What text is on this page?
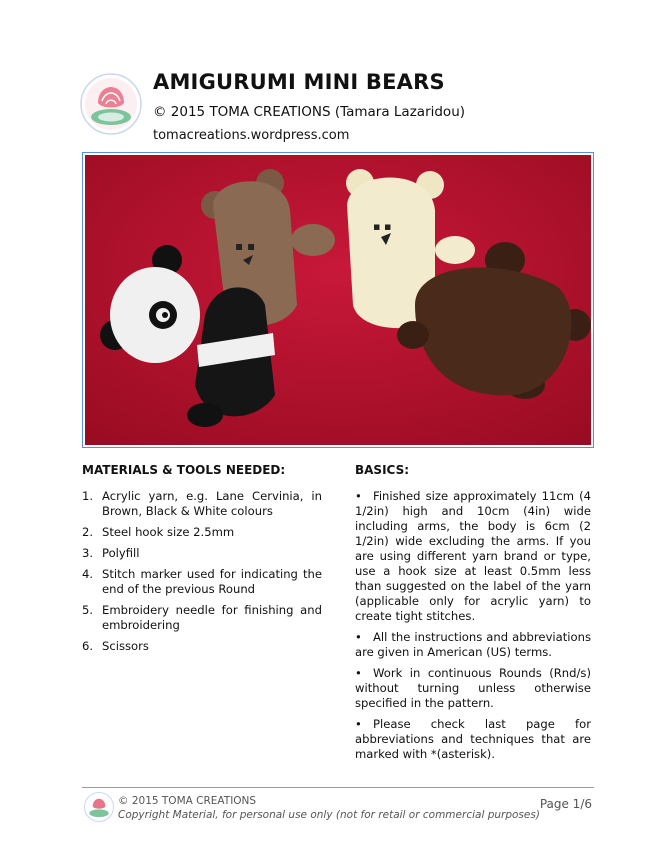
AMIGURUMI MINI BEARS
© 2015 TOMA CREATIONS (Tamara Lazaridou)
tomacreations.wordpress.com
▪ ▪
▪ ▪
MATERIALS & TOOLS NEEDED:
1. Acrylic yarn, e.g. Lane Cervinia, in Brown, Black & White colours
2. Steel hook size 2.5mm
3. Polyfill
4. Stitch marker used for indicating the end of the previous Round
5. Embroidery needle for finishing and embroidering
6. Scissors
BASICS:
• Finished size approximately 11cm (4 1/2in) high and 10cm (4in) wide including arms, the body is 6cm (2 1/2in) wide excluding the arms. If you are using different yarn brand or type, use a hook size at least 0.5mm less than suggested on the label of the yarn (applicable only for acrylic yarn) to create tight stitches.
• All the instructions and abbreviations are given in American (US) terms.
• Work in continuous Rounds (Rnd/s) without turning unless otherwise specified in the pattern.
• Please check last page for abbreviations and techniques that are marked with *(asterisk).
© 2015 TOMA CREATIONS
Copyright Material, for personal use only (not for retail or commercial purposes)
Page 1/6
